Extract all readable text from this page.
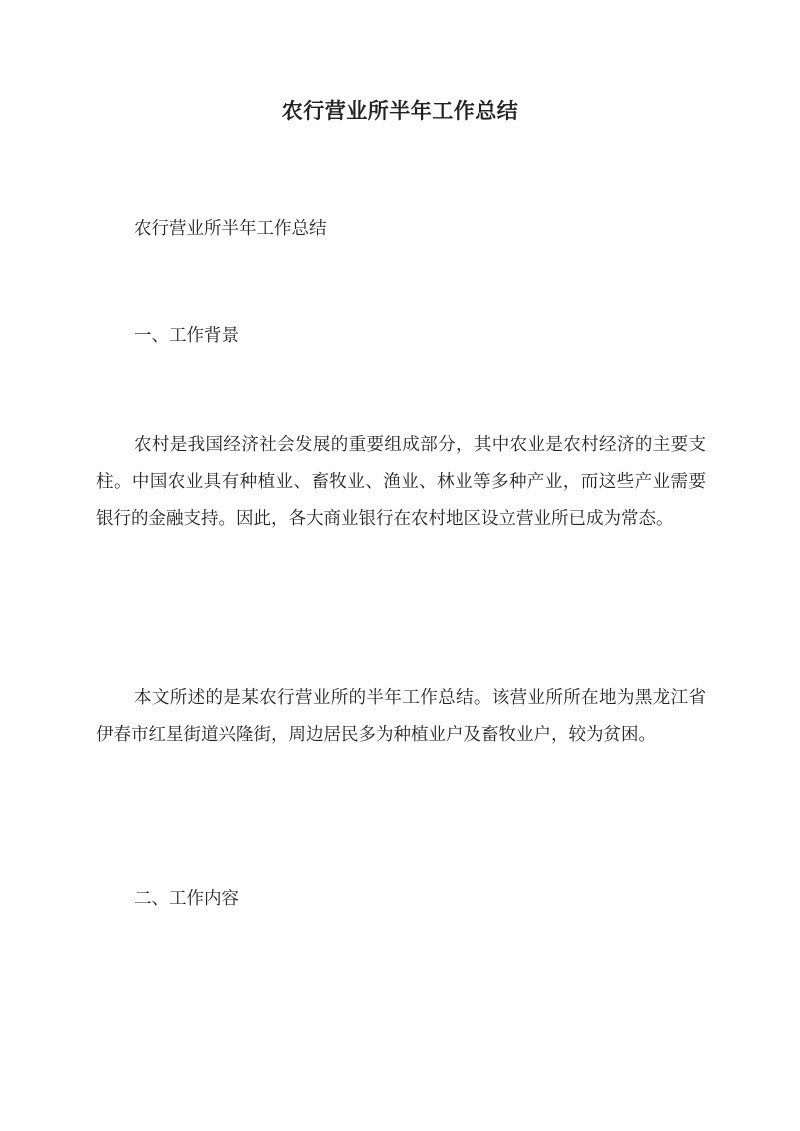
农行营业所半年工作总结

农行营业所半年工作总结

一、工作背景

农村是我国经济社会发展的重要组成部分，其中农业是农村经济的主要支柱。中国农业具有种植业、畜牧业、渔业、林业等多种产业，而这些产业需要银行的金融支持。因此，各大商业银行在农村地区设立营业所已成为常态。

本文所述的是某农行营业所的半年工作总结。该营业所所在地为黑龙江省伊春市红星街道兴隆街，周边居民多为种植业户及畜牧业户，较为贫困。

二、工作内容
